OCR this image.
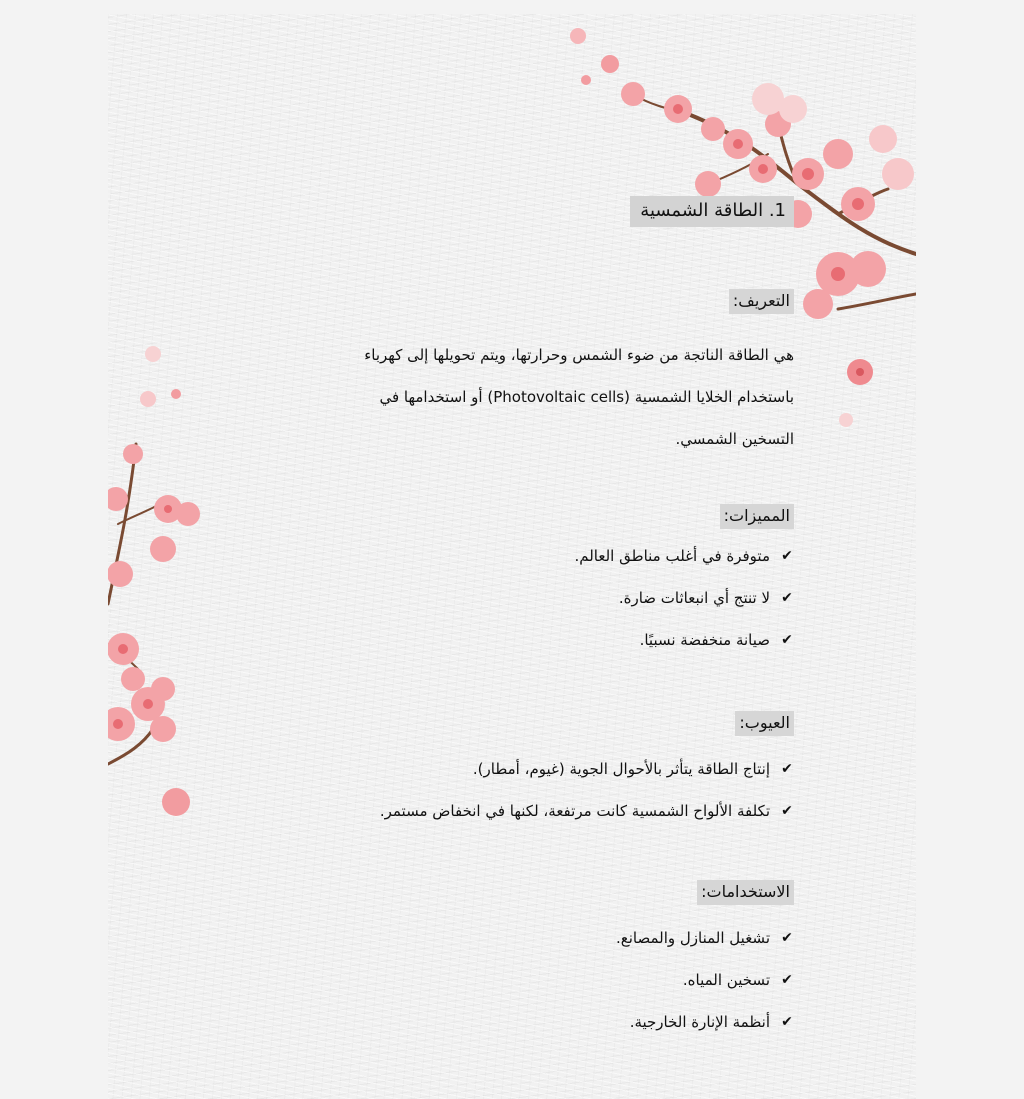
1. الطاقة الشمسية
التعريف:
هي الطاقة الناتجة من ضوء الشمس وحرارتها، ويتم تحويلها إلى كهرباء
باستخدام الخلايا الشمسية (Photovoltaic cells) أو استخدامها في
التسخين الشمسي.
المميزات:
✔
متوفرة في أغلب مناطق العالم.
✔
لا تنتج أي انبعاثات ضارة.
✔
صيانة منخفضة نسبيًا.
العيوب:
✔
إنتاج الطاقة يتأثر بالأحوال الجوية (غيوم، أمطار).
✔
تكلفة الألواح الشمسية كانت مرتفعة، لكنها في انخفاض مستمر.
الاستخدامات:
✔
تشغيل المنازل والمصانع.
✔
تسخين المياه.
✔
أنظمة الإنارة الخارجية.
